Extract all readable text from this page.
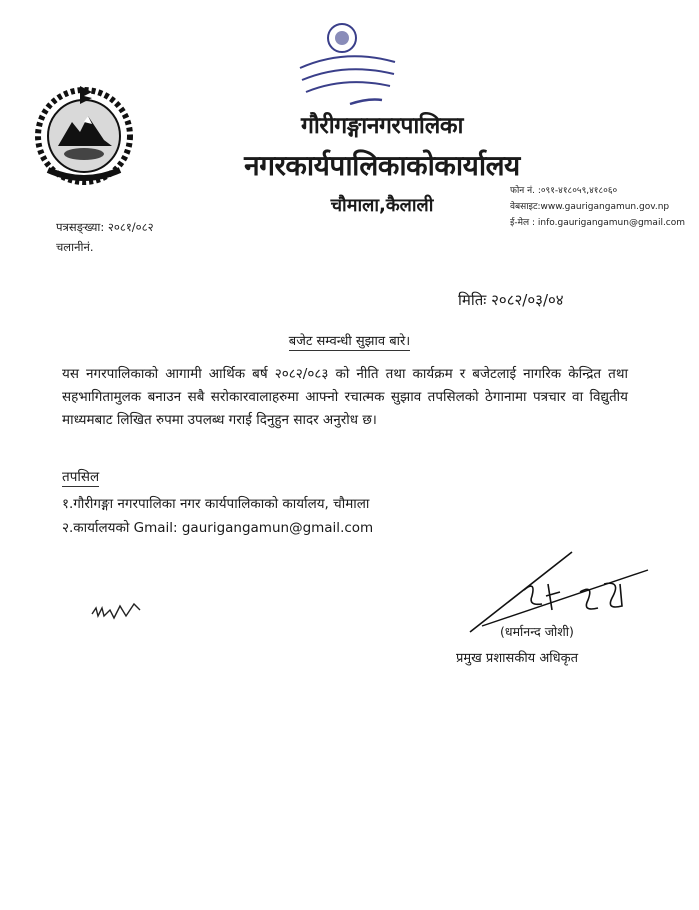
गौरीगङ्गानगरपालिका
नगरकार्यपालिकाकोकार्यालय
चौमाला,कैलाली
फोन नं. :०९१-४१८०५९,४१८०६०
वेबसाइट:www.gaurigangamun.gov.np
ई-मेल : info.gaurigangamun@gmail.com
पत्रसङ्ख्या: २०८१/०८२
चलानीनं.
मितिः २०८२/०३/०४
बजेट सम्वन्धी सुझाव बारे।
यस नगरपालिकाको आगामी आर्थिक बर्ष २०८२/०८३ को नीति तथा कार्यक्रम र बजेटलाई नागरिक केन्द्रित तथा सहभागितामुलक बनाउन सबै सरोकारवालाहरुमा आफ्नो रचात्मक सुझाव तपसिलको ठेगानामा पत्रचार वा विद्युतीय माध्यमबाट लिखित रुपमा उपलब्ध गराई दिनुहुन सादर अनुरोध छ।
तपसिल
१.गौरीगङ्गा नगरपालिका नगर कार्यपालिकाको कार्यालय, चौमाला
२.कार्यालयको Gmail: gaurigangamun@gmail.com
(धर्मानन्द जोशी)
प्रमुख प्रशासकीय अधिकृत
